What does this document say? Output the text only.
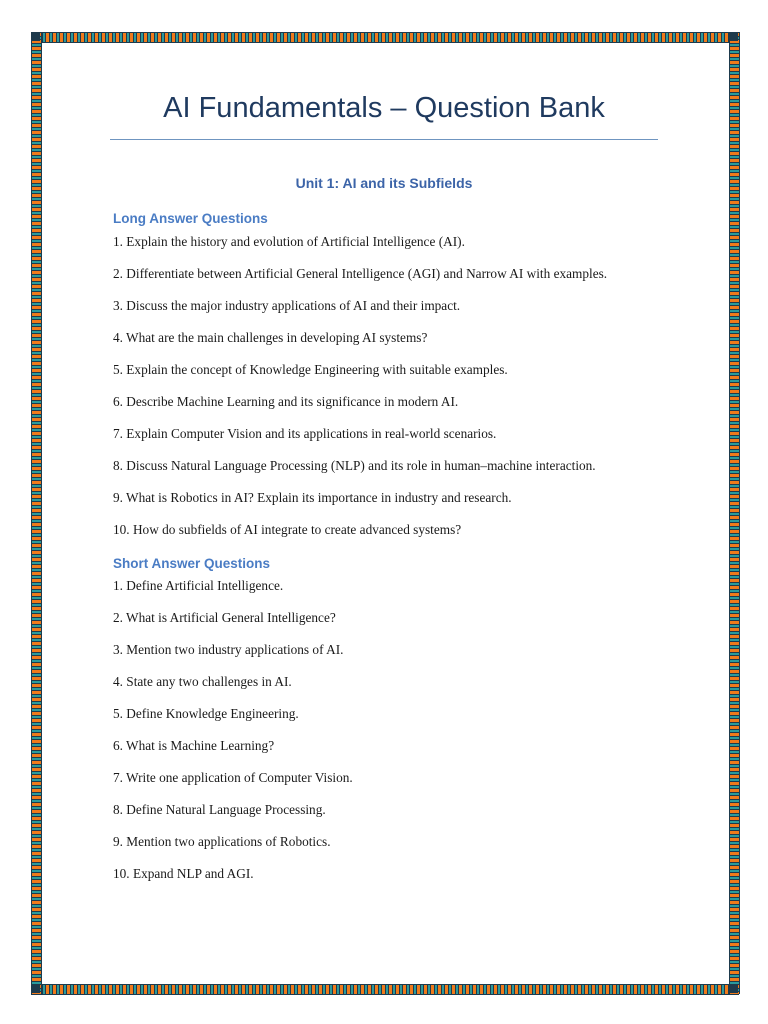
AI Fundamentals – Question Bank
Unit 1: AI and its Subfields
Long Answer Questions

1. Explain the history and evolution of Artificial Intelligence (AI).

2. Differentiate between Artificial General Intelligence (AGI) and Narrow AI with examples.

3. Discuss the major industry applications of AI and their impact.

4. What are the main challenges in developing AI systems?

5. Explain the concept of Knowledge Engineering with suitable examples.

6. Describe Machine Learning and its significance in modern AI.

7. Explain Computer Vision and its applications in real-world scenarios.

8. Discuss Natural Language Processing (NLP) and its role in human–machine interaction.

9. What is Robotics in AI? Explain its importance in industry and research.

10. How do subfields of AI integrate to create advanced systems?

Short Answer Questions

1. Define Artificial Intelligence.

2. What is Artificial General Intelligence?

3. Mention two industry applications of AI.

4. State any two challenges in AI.

5. Define Knowledge Engineering.

6. What is Machine Learning?

7. Write one application of Computer Vision.

8. Define Natural Language Processing.

9. Mention two applications of Robotics.

10. Expand NLP and AGI.
